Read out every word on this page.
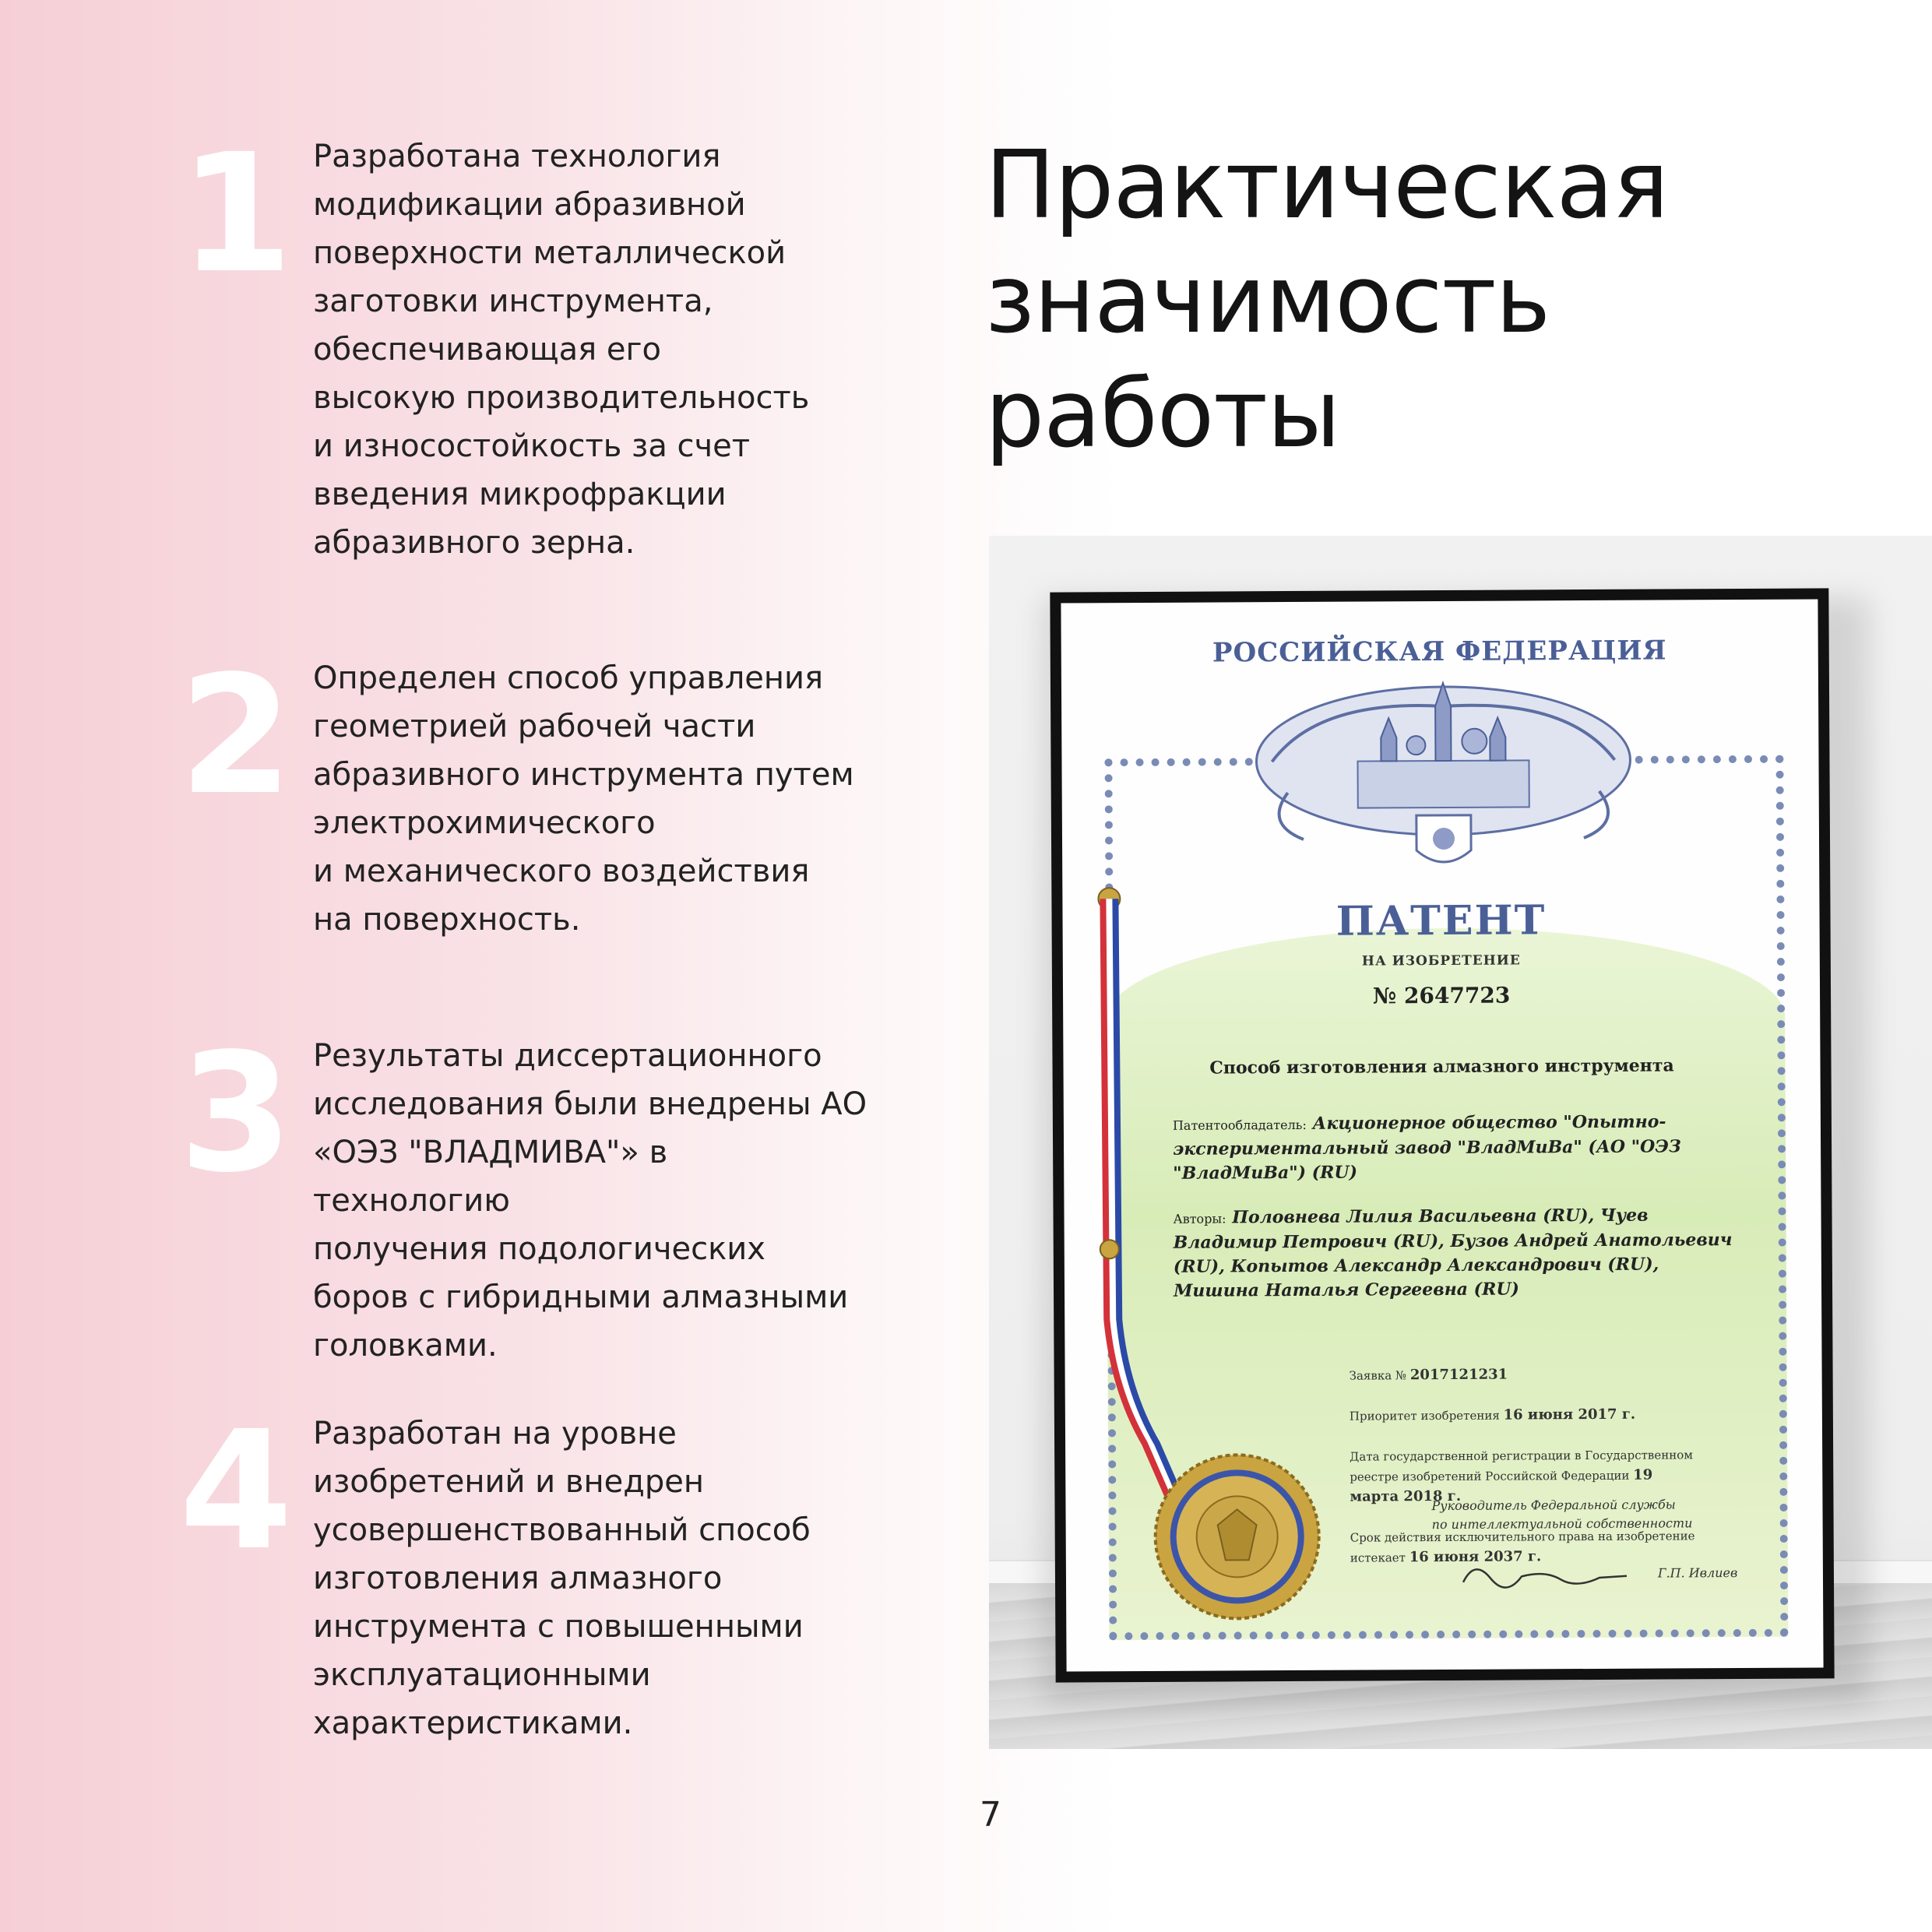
1 Разработана технология
модификации абразивной
поверхности металлической
заготовки инструмента,
обеспечивающая его
высокую производительность
и износостойкость за счет
введения микрофракции
абразивного зерна.
2 Определен способ управления
геометрией рабочей части
абразивного инструмента путем
электрохимического
и механического воздействия
на поверхность.
3 Результаты диссертационного
исследования были внедрены АО
«ОЭЗ "ВЛАДМИВА"» в технологию
получения подологических
боров с гибридными алмазными
головками.
4 Разработан на уровне
изобретений и внедрен
усовершенствованный способ
изготовления алмазного
инструмента с повышенными
эксплуатационными
характеристиками.
Практическая
значимость
работы
РОССИЙСКАЯ ФЕДЕРАЦИЯ
ПАТЕНТ
НА ИЗОБРЕТЕНИЕ
№ 2647723
Способ изготовления алмазного инструмента
Патентообладатель: Акционерное общество "Опытно-экспериментальный завод "ВладМиВа" (АО "ОЭЗ "ВладМиВа") (RU)
Авторы: Половнева Лилия Васильевна (RU), Чуев Владимир Петрович (RU), Бузов Андрей Анатольевич (RU), Копытов Александр Александрович (RU), Мишина Наталья Сергеевна (RU)

Заявка № 2017121231

Приоритет изобретения 16 июня 2017 г.

Дата государственной регистрации в Государственном реестре изобретений Российской Федерации 19 марта 2018 г.

Срок действия исключительного права на изобретение истекает 16 июня 2037 г.

Руководитель Федеральной службы
по интеллектуальной собственности
Г.П. Ивлиев
7
